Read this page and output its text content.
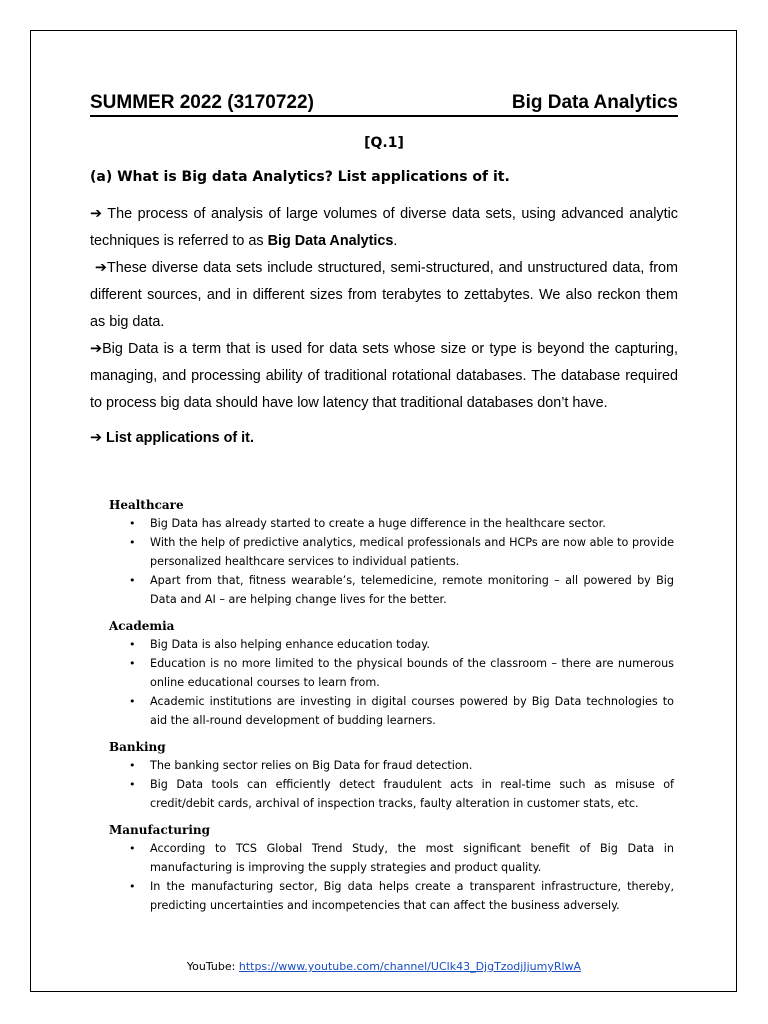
SUMMER 2022 (3170722)	Big Data Analytics
[Q.1]
(a) What is Big data Analytics? List applications of it.
➔ The process of analysis of large volumes of diverse data sets, using advanced analytic techniques is referred to as Big Data Analytics.
➔These diverse data sets include structured, semi-structured, and unstructured data, from different sources, and in different sizes from terabytes to zettabytes. We also reckon them as big data.
➔Big Data is a term that is used for data sets whose size or type is beyond the capturing, managing, and processing ability of traditional rotational databases. The database required to process big data should have low latency that traditional databases don’t have.
➔ List applications of it.
Healthcare
• Big Data has already started to create a huge difference in the healthcare sector.
• With the help of predictive analytics, medical professionals and HCPs are now able to provide personalized healthcare services to individual patients.
• Apart from that, fitness wearable’s, telemedicine, remote monitoring – all powered by Big Data and AI – are helping change lives for the better.
Academia
• Big Data is also helping enhance education today.
• Education is no more limited to the physical bounds of the classroom – there are numerous online educational courses to learn from.
• Academic institutions are investing in digital courses powered by Big Data technologies to aid the all-round development of budding learners.
Banking
• The banking sector relies on Big Data for fraud detection.
• Big Data tools can efficiently detect fraudulent acts in real-time such as misuse of credit/debit cards, archival of inspection tracks, faulty alteration in customer stats, etc.
Manufacturing
• According to TCS Global Trend Study, the most significant benefit of Big Data in manufacturing is improving the supply strategies and product quality.
• In the manufacturing sector, Big data helps create a transparent infrastructure, thereby, predicting uncertainties and incompetencies that can affect the business adversely.
YouTube: https://www.youtube.com/channel/UClk43_DjgTzodjJjumyRlwA
